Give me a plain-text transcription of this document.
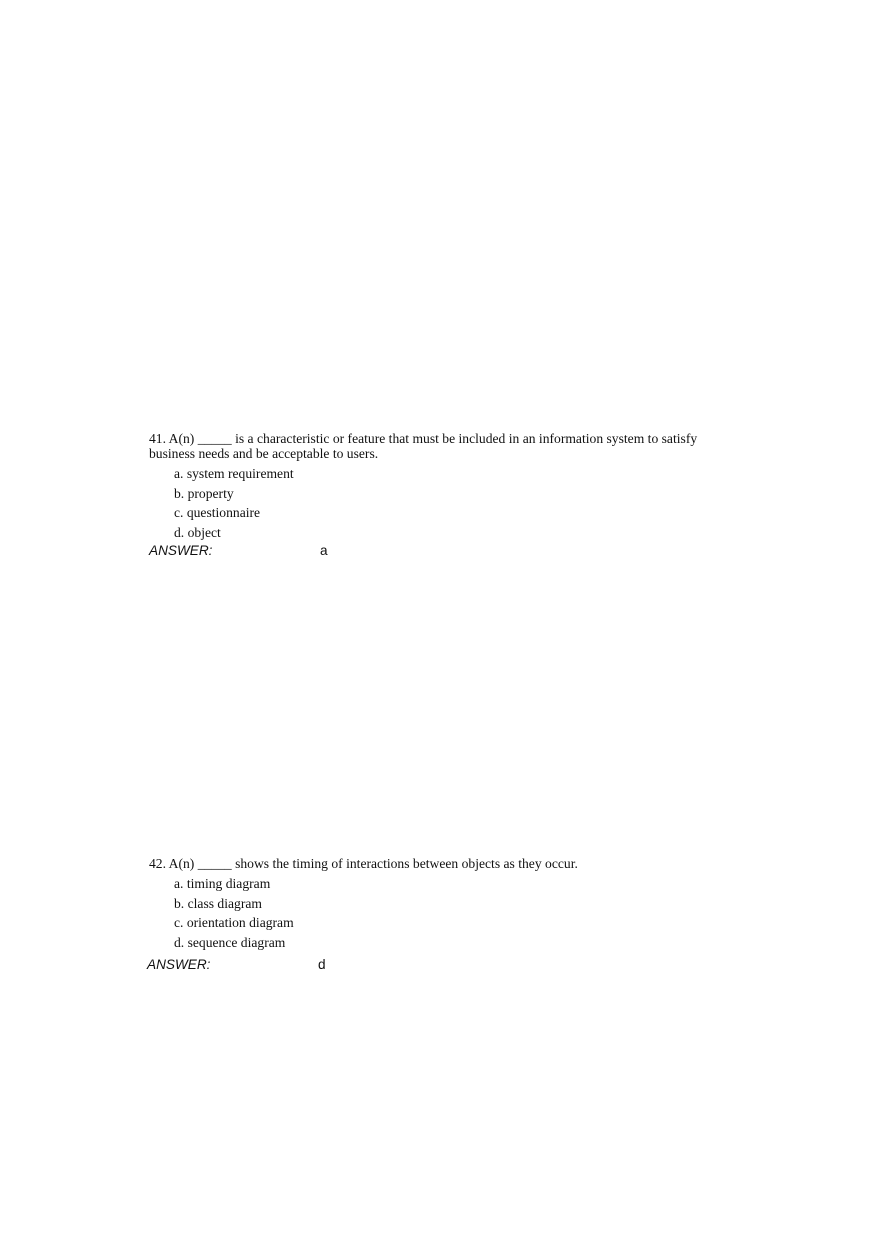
41. A(n) _____ is a characteristic or feature that must be included in an information system to satisfy business needs and be acceptable to users.

a. system requirement
b. property
c. questionnaire
d. object
ANSWER:	a

42. A(n) _____ shows the timing of interactions between objects as they occur.

a. timing diagram
b. class diagram
c. orientation diagram
d. sequence diagram
ANSWER:	d
